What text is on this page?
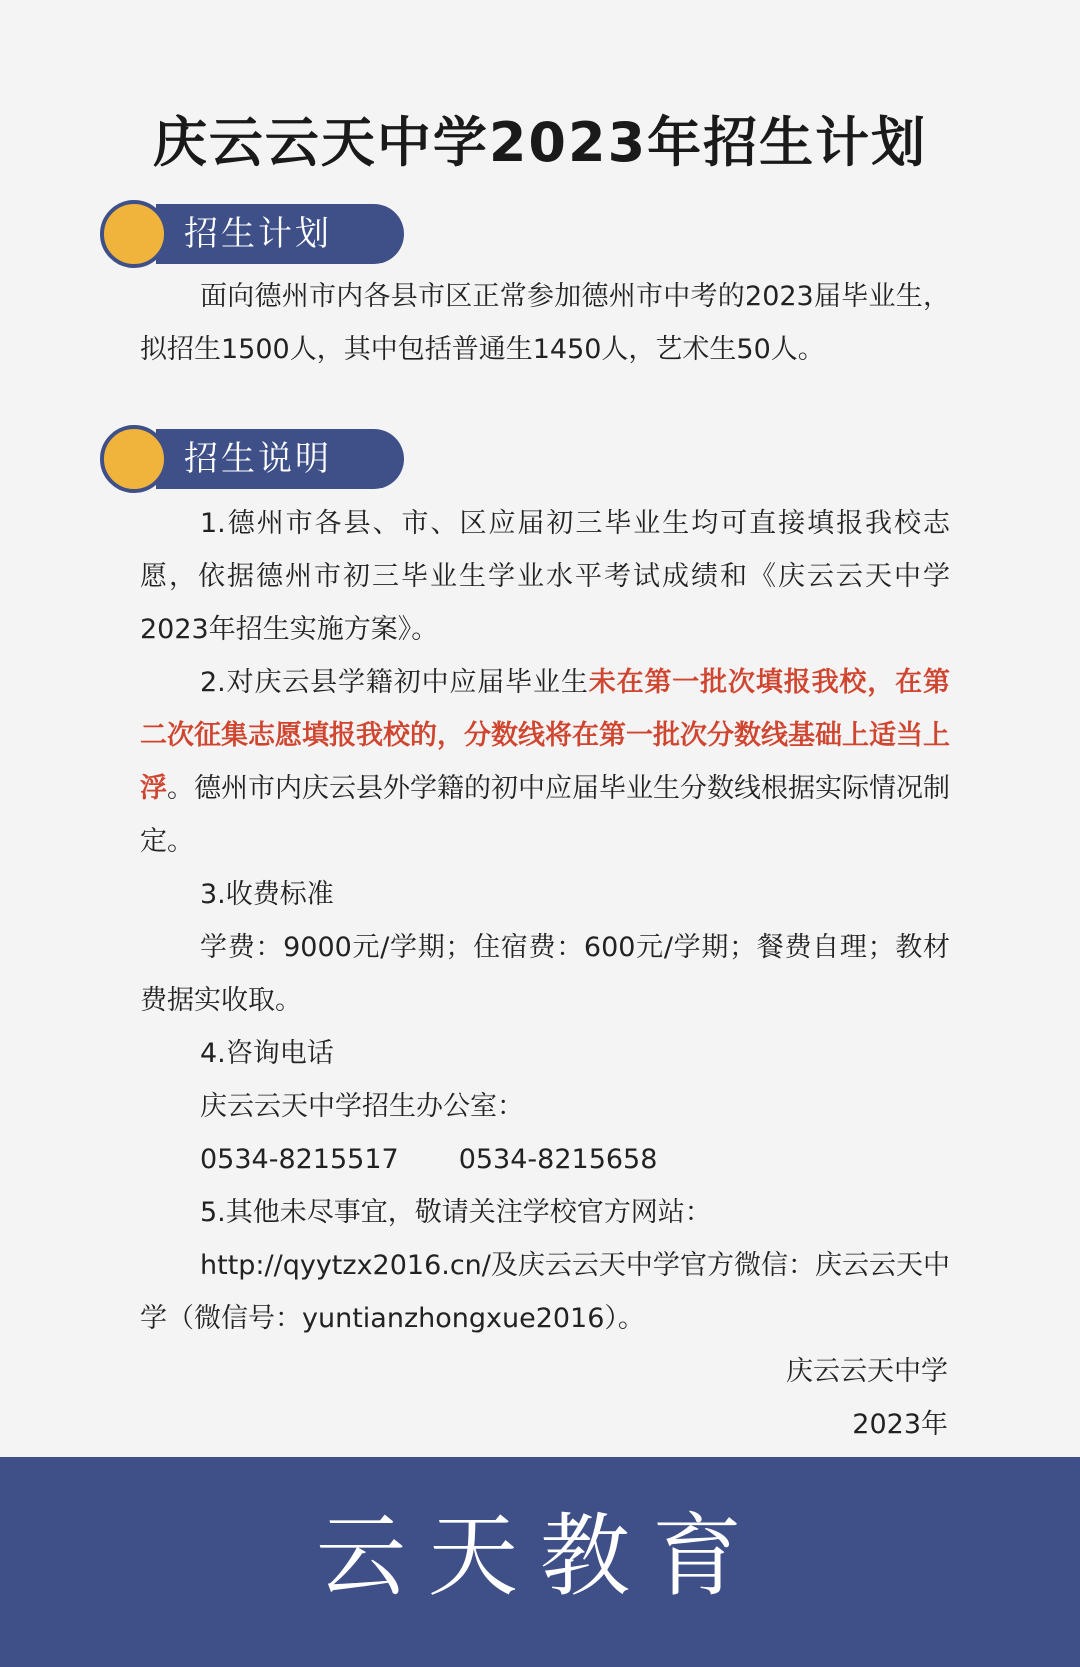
庆云云天中学2023年招生计划
招生计划

面向德州市内各县市区正常参加德州市中考的2023届毕业生，拟招生1500人，其中包括普通生1450人，艺术生50人。

招生说明

1.德州市各县、市、区应届初三毕业生均可直接填报我校志愿，依据德州市初三毕业生学业水平考试成绩和《庆云云天中学2023年招生实施方案》。

2.对庆云县学籍初中应届毕业生未在第一批次填报我校，在第二次征集志愿填报我校的，分数线将在第一批次分数线基础上适当上浮。德州市内庆云县外学籍的初中应届毕业生分数线根据实际情况制定。

3.收费标准

学费：9000元/学期；住宿费：600元/学期；餐费自理；教材费据实收取。

4.咨询电话

庆云云天中学招生办公室：

0534-8215517 0534-8215658

5.其他未尽事宜，敬请关注学校官方网站：

http://qyytzx2016.cn/及庆云云天中学官方微信：庆云云天中学（微信号：yuntianzhongxue2016）。

庆云云天中学

2023年

云天教育
